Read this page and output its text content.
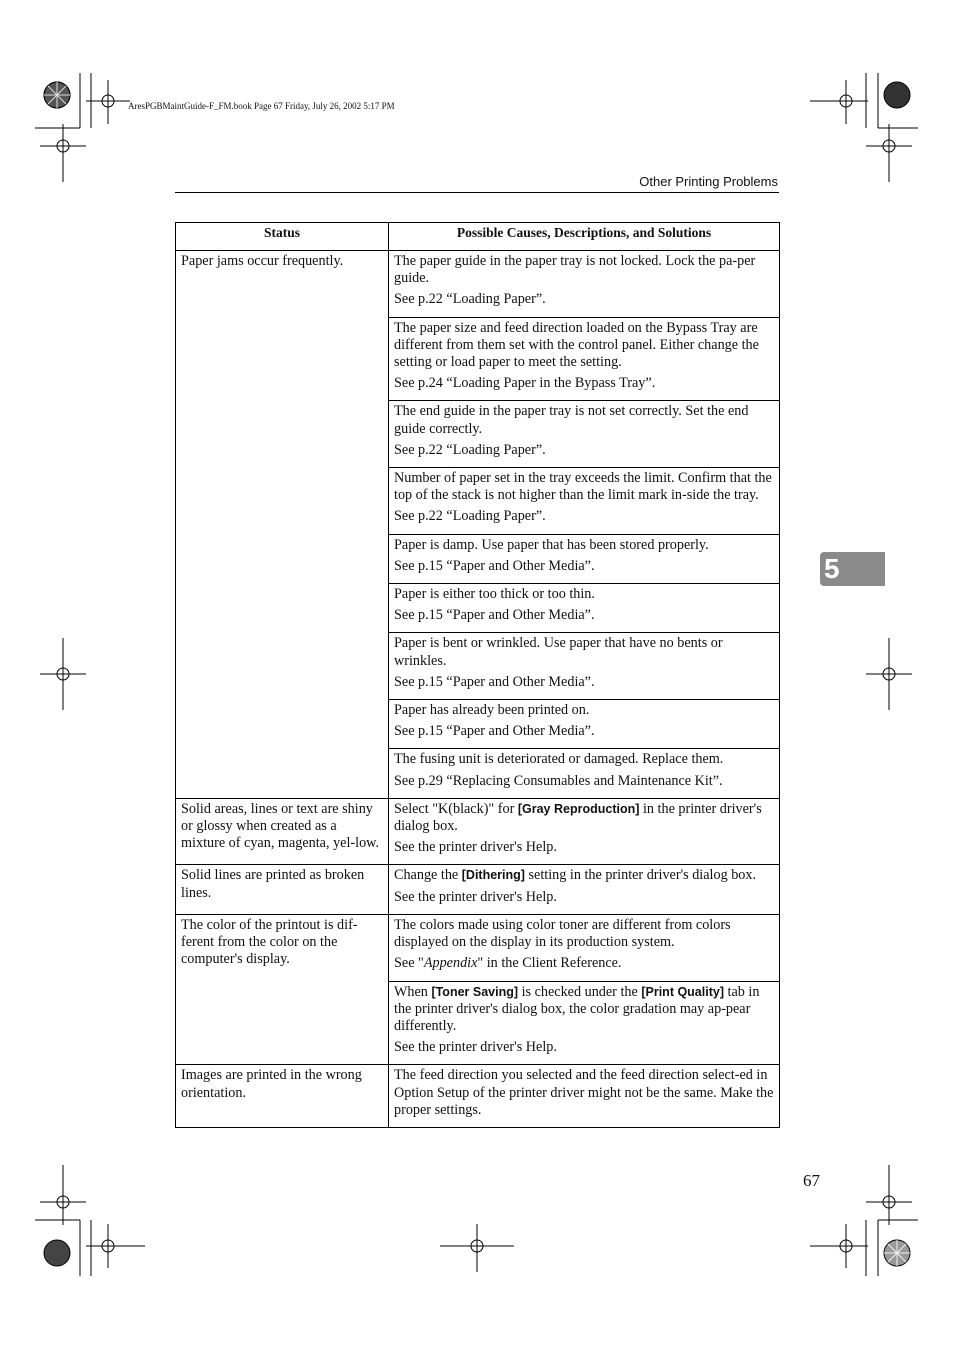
AresPGBMaintGuide-F_FM.book Page 67 Friday, July 26, 2002 5:17 PM
Other Printing Problems
5
Status	Possible Causes, Descriptions, and Solutions
Paper jams occur frequently.	The paper guide in the paper tray is not locked. Lock the pa-per guide.

See p.22 “Loading Paper”.

	The paper size and feed direction loaded on the Bypass Tray are different from them set with the control panel. Either change the setting or load paper to meet the setting.

See p.24 “Loading Paper in the Bypass Tray”.

	The end guide in the paper tray is not set correctly. Set the end guide correctly.

See p.22 “Loading Paper”.

	Number of paper set in the tray exceeds the limit. Confirm that the top of the stack is not higher than the limit mark in-side the tray.

See p.22 “Loading Paper”.

	Paper is damp. Use paper that has been stored properly.

See p.15 “Paper and Other Media”.

	Paper is either too thick or too thin.

See p.15 “Paper and Other Media”.

	Paper is bent or wrinkled. Use paper that have no bents or wrinkles.

See p.15 “Paper and Other Media”.

	Paper has already been printed on.

See p.15 “Paper and Other Media”.

	The fusing unit is deteriorated or damaged. Replace them.

See p.29 “Replacing Consumables and Maintenance Kit”.

Solid areas, lines or text are shiny or glossy when created as a mixture of cyan, magenta, yel-low.	Select "K(black)" for [Gray Reproduction] in the printer driver's dialog box.

See the printer driver's Help.

Solid lines are printed as broken lines.	Change the [Dithering] setting in the printer driver's dialog box.

See the printer driver's Help.

The color of the printout is dif-ferent from the color on the computer's display.	The colors made using color toner are different from colors displayed on the display in its production system.

See "Appendix" in the Client Reference.

	When [Toner Saving] is checked under the [Print Quality] tab in the printer driver's dialog box, the color gradation may ap-pear differently.

See the printer driver's Help.

Images are printed in the wrong orientation.	The feed direction you selected and the feed direction select-ed in Option Setup of the printer driver might not be the same. Make the proper settings.

67
